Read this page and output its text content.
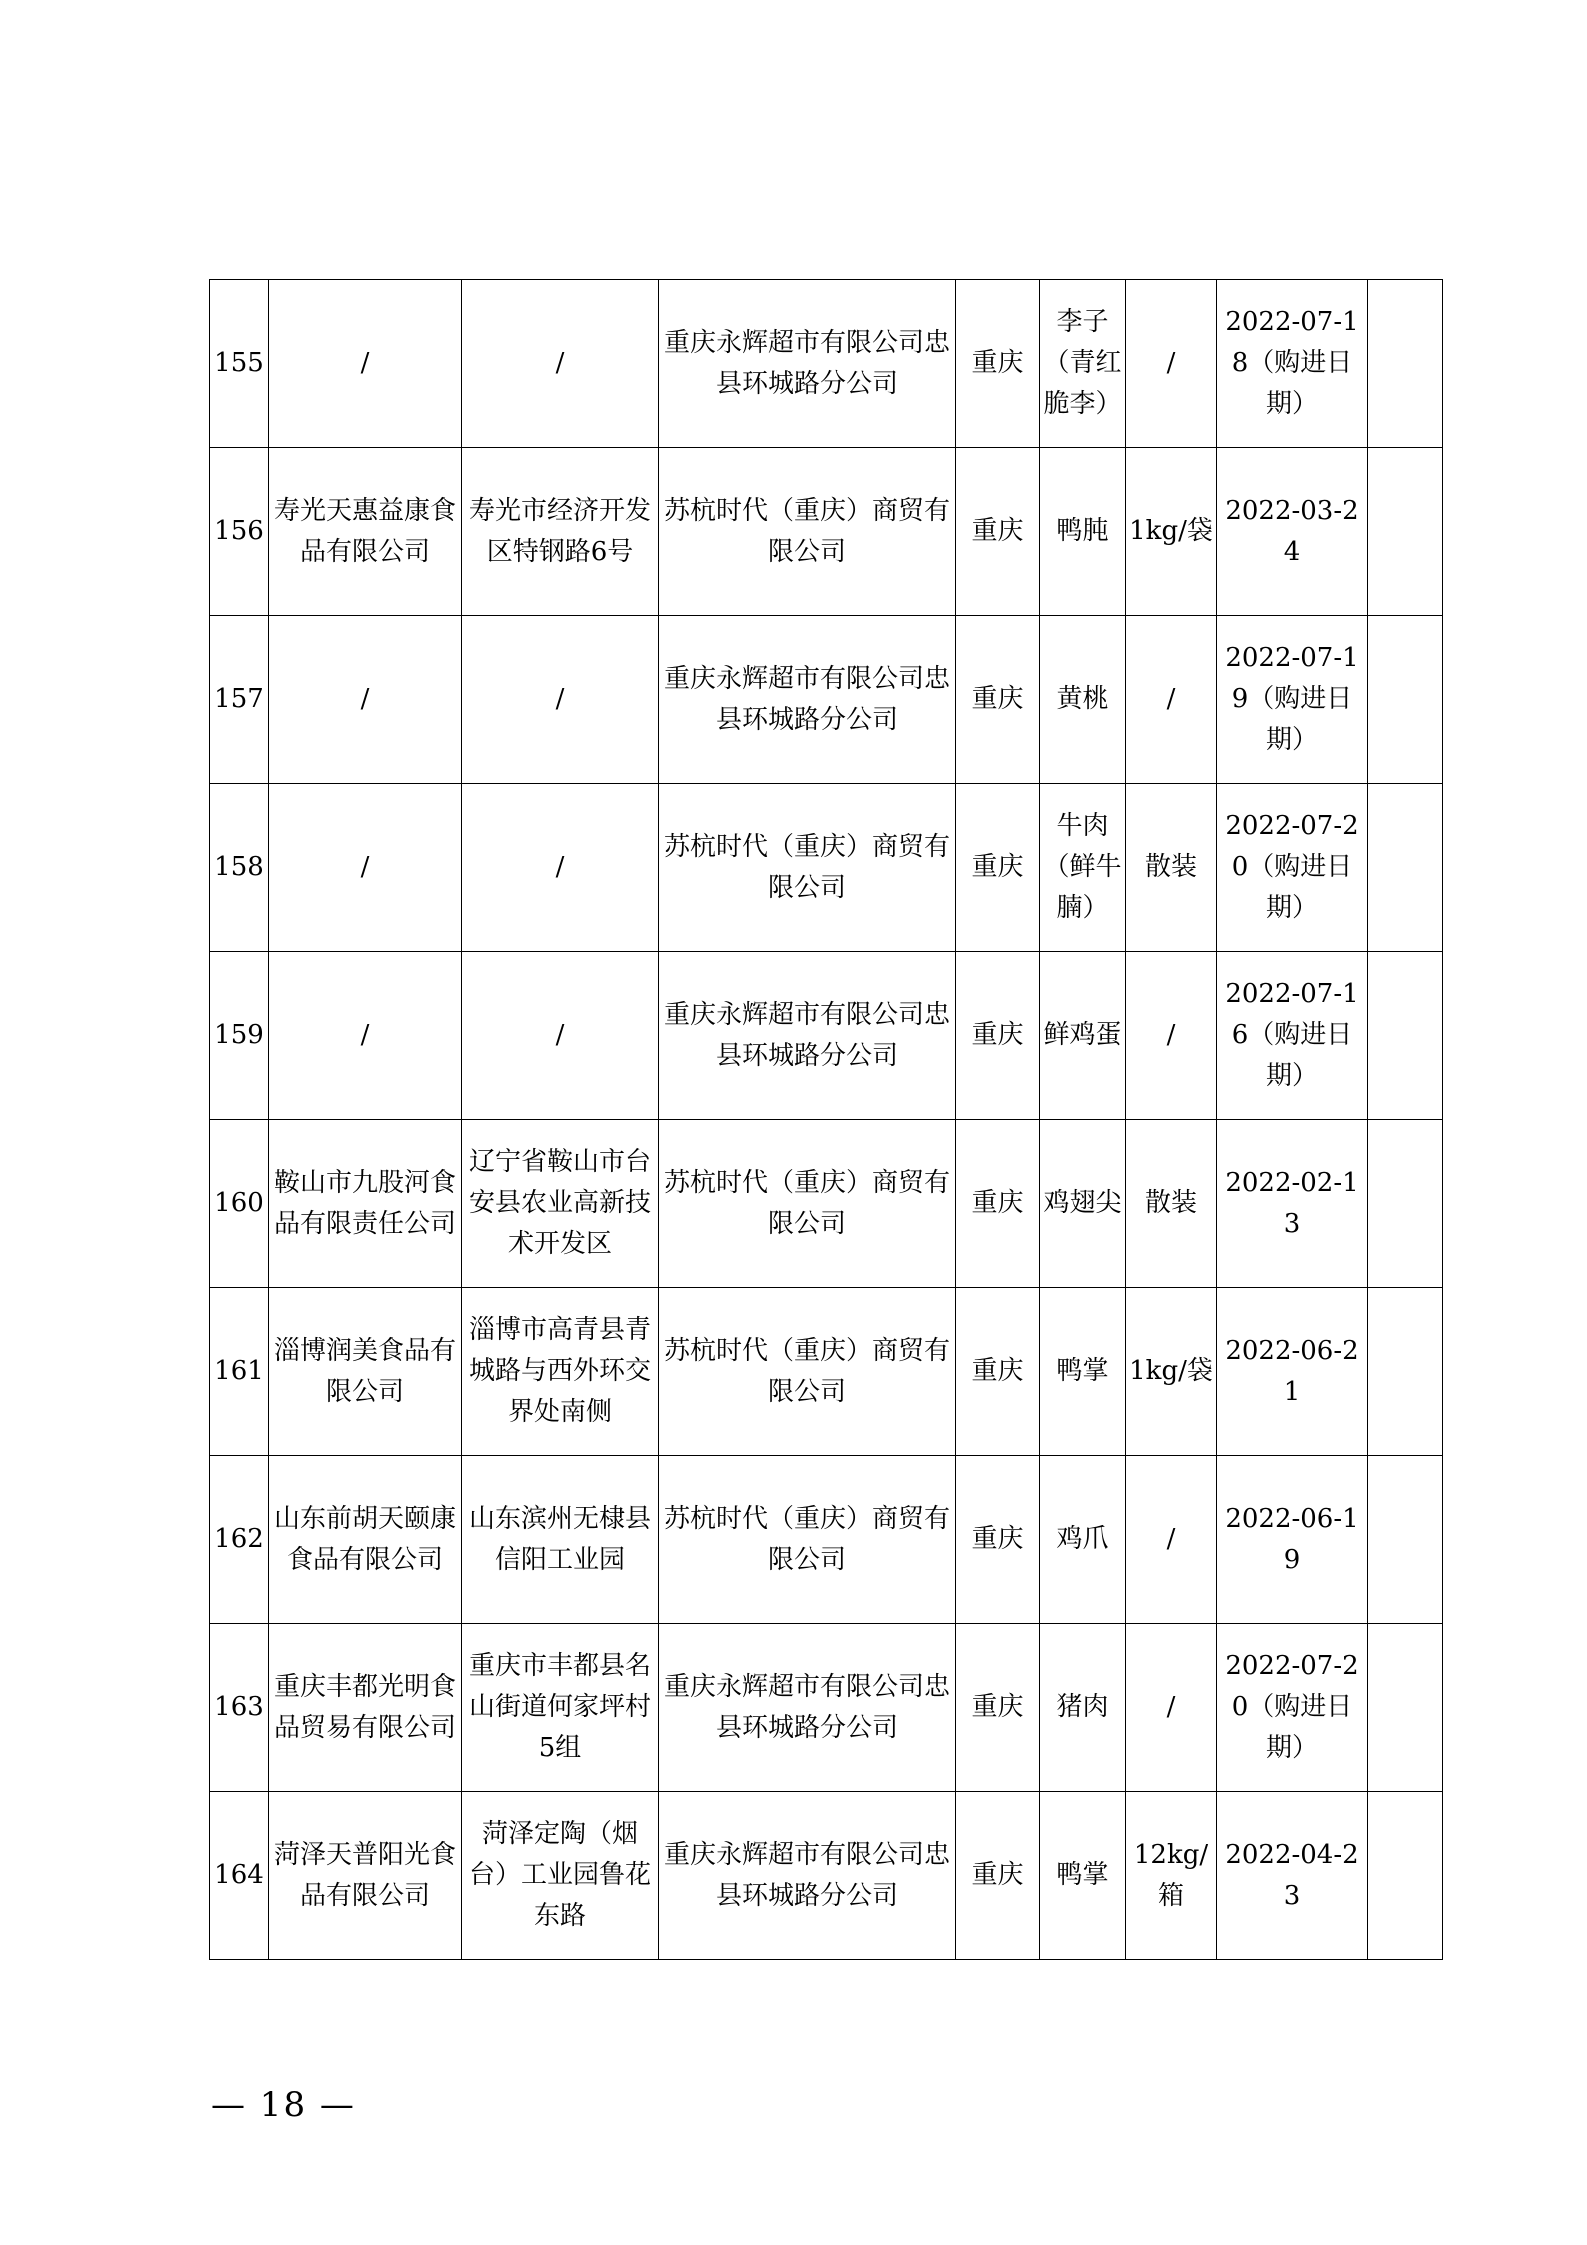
155	/	/	重庆永辉超市有限公司忠县环城路分公司	重庆	李子（青红脆李）	/	2022-07-18（购进日期）	
156	寿光天惠益康食品有限公司	寿光市经济开发区特钢路6号	苏杭时代（重庆）商贸有限公司	重庆	鸭肫	1kg/袋	2022-03-24	
157	/	/	重庆永辉超市有限公司忠县环城路分公司	重庆	黄桃	/	2022-07-19（购进日期）	
158	/	/	苏杭时代（重庆）商贸有限公司	重庆	牛肉（鲜牛腩）	散装	2022-07-20（购进日期）	
159	/	/	重庆永辉超市有限公司忠县环城路分公司	重庆	鲜鸡蛋	/	2022-07-16（购进日期）	
160	鞍山市九股河食品有限责任公司	辽宁省鞍山市台安县农业高新技术开发区	苏杭时代（重庆）商贸有限公司	重庆	鸡翅尖	散装	2022-02-13	
161	淄博润美食品有限公司	淄博市高青县青城路与西外环交界处南侧	苏杭时代（重庆）商贸有限公司	重庆	鸭掌	1kg/袋	2022-06-21	
162	山东前胡天颐康食品有限公司	山东滨州无棣县信阳工业园	苏杭时代（重庆）商贸有限公司	重庆	鸡爪	/	2022-06-19	
163	重庆丰都光明食品贸易有限公司	重庆市丰都县名山街道何家坪村5组	重庆永辉超市有限公司忠县环城路分公司	重庆	猪肉	/	2022-07-20（购进日期）	
164	菏泽天普阳光食品有限公司	菏泽定陶（烟台）工业园鲁花东路	重庆永辉超市有限公司忠县环城路分公司	重庆	鸭掌	12kg/箱	2022-04-23	
— 18 —
